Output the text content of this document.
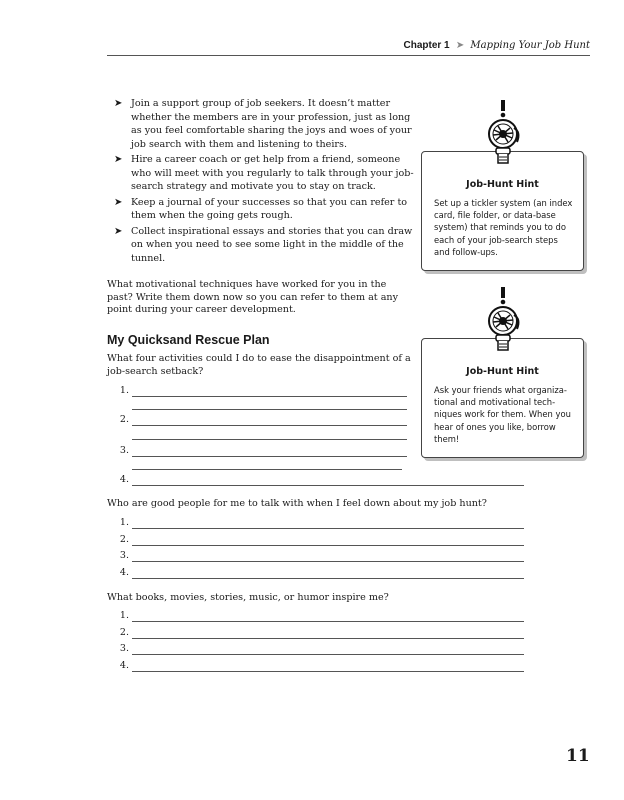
Chapter 1 ➤ Mapping Your Job Hunt
➤ Join a support group of job seekers. It doesn’t matter whether the members are in your profession, just as long as you feel comfortable sharing the joys and woes of your job search with them and listening to theirs.
➤ Hire a career coach or get help from a friend, someone who will meet with you regularly to talk through your job-search strategy and motivate you to stay on track.
➤ Keep a journal of your successes so that you can refer to them when the going gets rough.
➤ Collect inspirational essays and stories that you can draw on when you need to see some light in the middle of the tunnel.
What motivational techniques have worked for you in the past? Write them down now so you can refer to them at any point during your career development.
My Quicksand Rescue Plan
What four activities could I do to ease the disappointment of a job-search setback?
1.
2.
3.
4.
Who are good people for me to talk with when I feel down about my job hunt?
1.
2.
3.
4.
What books, movies, stories, music, or humor inspire me?
1.
2.
3.
4.
Job-Hunt Hint
Set up a tickler system (an index card, file folder, or data-base system) that reminds you to do each of your job-search steps and follow-ups.
Job-Hunt Hint
Ask your friends what organiza-tional and motivational tech-niques work for them. When you hear of ones you like, borrow them!
11
